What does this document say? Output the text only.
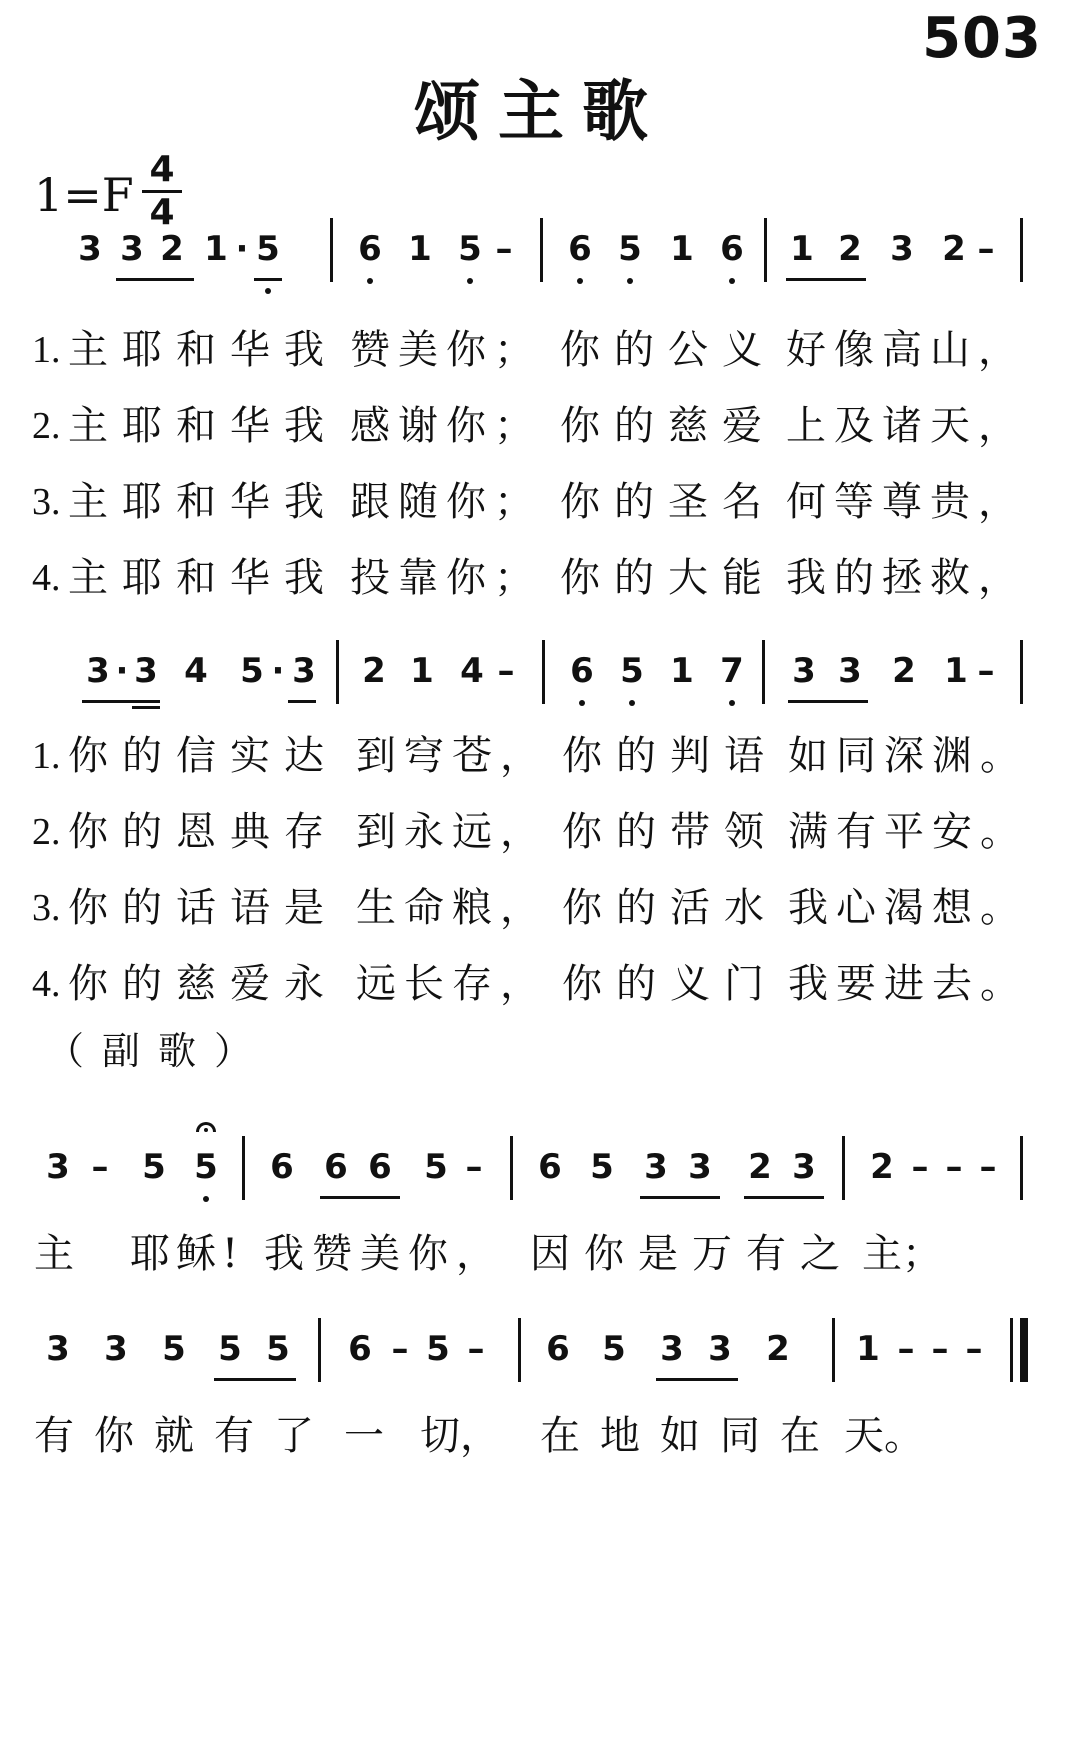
503
颂主歌
1=F 4
4
3 3 2 1 · 5 6 1 5 –	6 5 1 6 1 2 3 2 –
1. 主耶和华我 赞美你； 你的公义 好像高山，
2. 主耶和华我 感谢你； 你的慈爱 上及诸天，
3. 主耶和华我 跟随你； 你的圣名 何等尊贵，
4. 主耶和华我 投靠你； 你的大能 我的拯救，
3 · 3 4 5 · 3 2 1 4 –	6 5 1 7 3 3 2 1 –
1. 你的信实达 到穹苍， 你的判语 如同深渊。
2. 你的恩典存 到永远， 你的带领 满有平安。
3. 你的话语是 生命粮， 你的活水 我心渴想。
4. 你的慈爱永 远长存， 你的义门 我要进去。
（副歌）
3 – 5 5 6 6 6 5 –	6 5 3 3 2 3 2 – – –
主 耶稣! 我赞美你， 因你是万有之 主；
3 3 5 5 5 6 – 5 –	6 5 3 3 2 1 – – –
有你就有了 一 切， 在地如同在 天。
